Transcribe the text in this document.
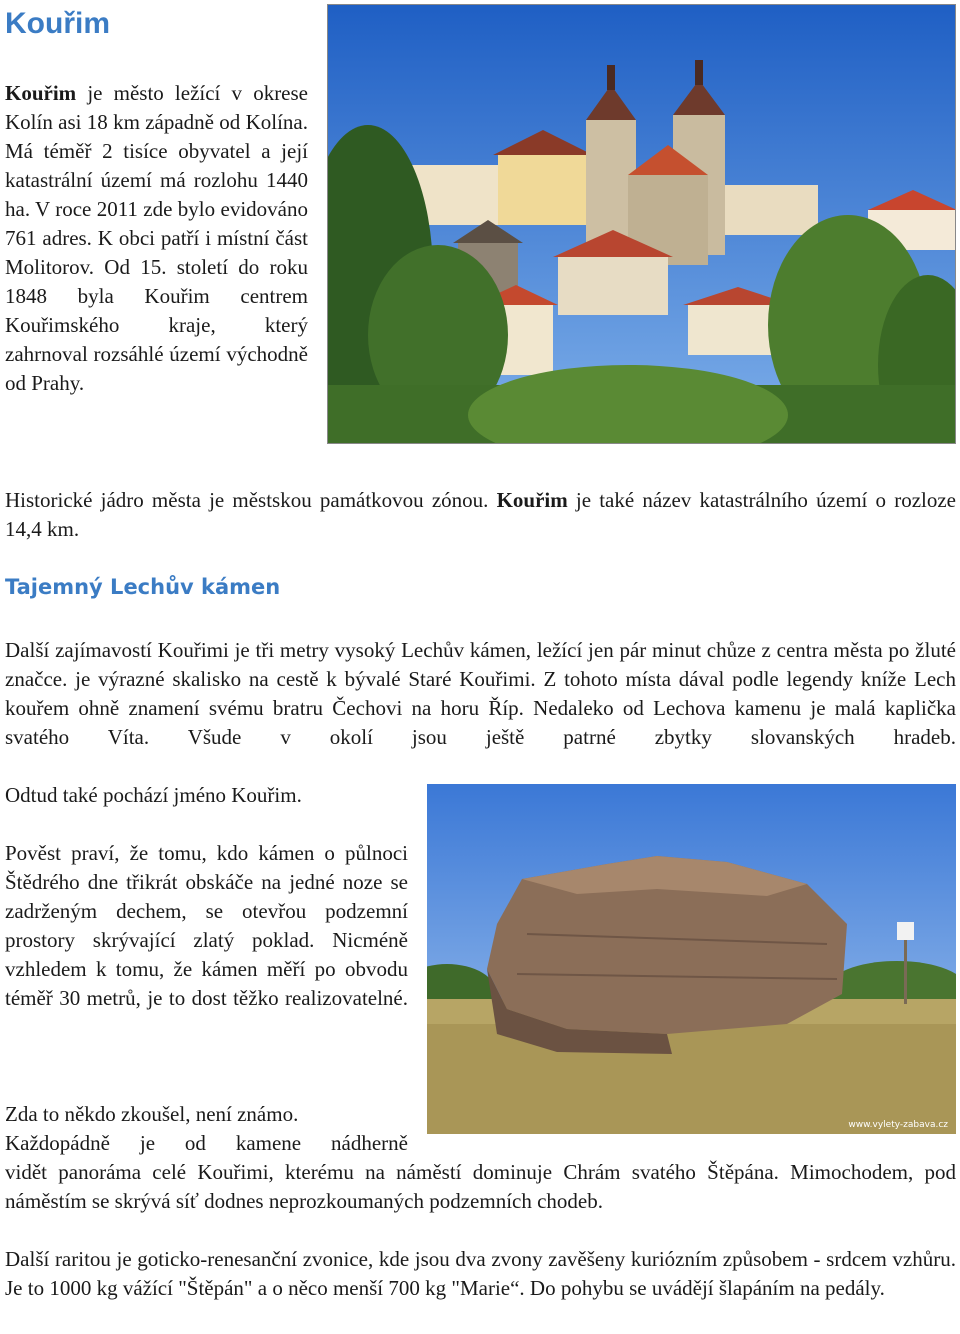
Kouřim

Kouřim je město ležící v okrese Kolín asi 18 km západně od Kolína. Má téměř 2 tisíce obyvatel a její katastrální území má rozlohu 1440 ha. V roce 2011 zde bylo evidováno 761 adres. K obci patří i místní část Molitorov. Od 15. století do roku 1848 byla Kouřim centrem Kouřimského kraje, který zahrnoval rozsáhlé území východně od Prahy.

Historické jádro města je městskou památkovou zónou. Kouřim je také název katastrálního území o rozloze 14,4 km.

Tajemný Lechův kámen

Další zajímavostí Kouřimi je tři metry vysoký Lechův kámen, ležící jen pár minut chůze z centra města po žluté značce. je výrazné skalisko na cestě k bývalé Staré Kouřimi. Z tohoto místa dával podle legendy kníže Lech kouřem ohně znamení svému bratru Čechovi na horu Říp. Nedaleko od Lechova kamenu je malá kaplička svatého Víta. Všude v okolí jsou ještě patrné zbytky slovanských hradeb.

Odtud také pochází jméno Kouřim.

Pověst praví, že tomu, kdo kámen o půlnoci Štědrého dne třikrát obskáče na jedné noze se zadrženým dechem, se otevřou podzemní prostory skrývající zlatý poklad. Nicméně vzhledem k tomu, že kámen měří po obvodu téměř 30 metrů, je to dost těžko realizovatelné.

www.vylety-zabava.cz

Zda to někdo zkoušel, není známo.

Každopádně je od kamene nádherně

vidět panoráma celé Kouřimi, kterému na náměstí dominuje Chrám svatého Štěpána. Mimochodem, pod náměstím se skrývá síť dodnes neprozkoumaných podzemních chodeb.

Další raritou je goticko-renesanční zvonice, kde jsou dva zvony zavěšeny kuriózním způsobem - srdcem vzhůru. Je to 1000 kg vážící "Štěpán" a o něco menší 700 kg "Marie“. Do pohybu se uvádějí šlapáním na pedály.
